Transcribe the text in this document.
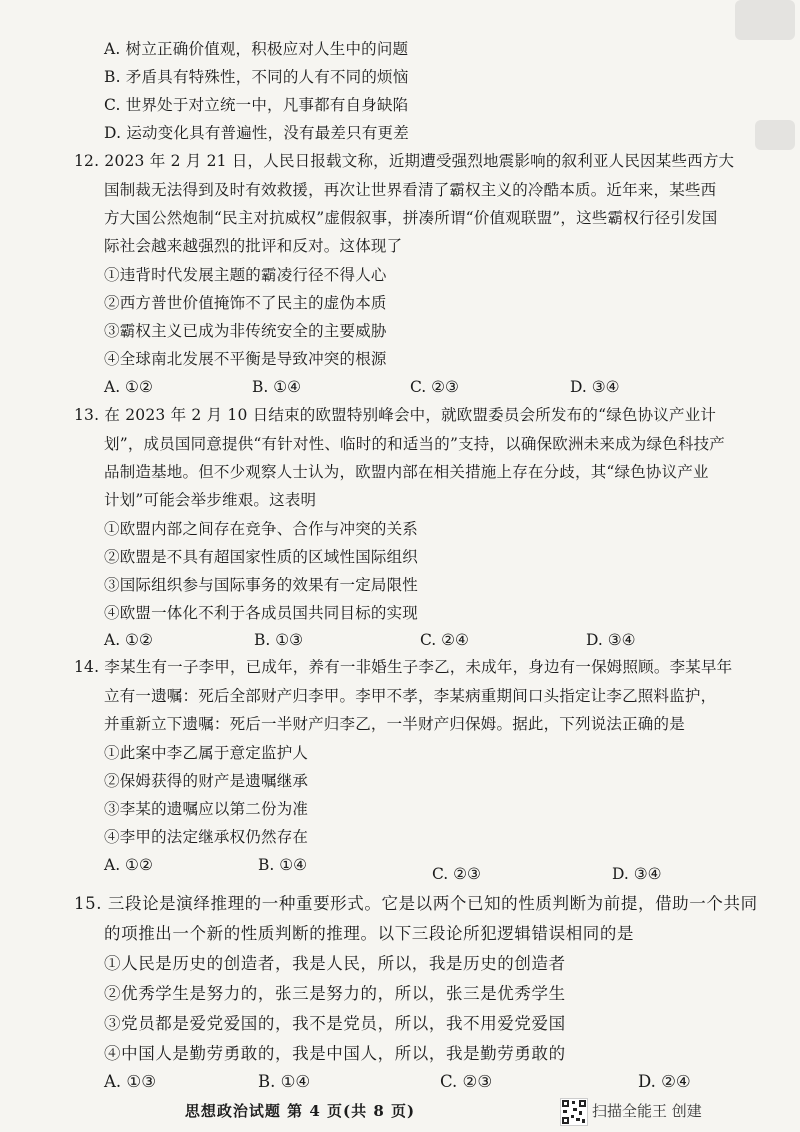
A. 树立正确价值观，积极应对人生中的问题
B. 矛盾具有特殊性，不同的人有不同的烦恼
C. 世界处于对立统一中，凡事都有自身缺陷
D. 运动变化具有普遍性，没有最差只有更差
12. 2023 年 2 月 21 日，人民日报载文称，近期遭受强烈地震影响的叙利亚人民因某些西方大
国制裁无法得到及时有效救援，再次让世界看清了霸权主义的冷酷本质。近年来，某些西
方大国公然炮制“民主对抗威权”虚假叙事，拼凑所谓“价值观联盟”，这些霸权行径引发国
际社会越来越强烈的批评和反对。这体现了
①违背时代发展主题的霸凌行径不得人心
②西方普世价值掩饰不了民主的虚伪本质
③霸权主义已成为非传统安全的主要威胁
④全球南北发展不平衡是导致冲突的根源
A. ①②	B. ①④	C. ②③	D. ③④
13. 在 2023 年 2 月 10 日结束的欧盟特别峰会中，就欧盟委员会所发布的“绿色协议产业计
划”，成员国同意提供“有针对性、临时的和适当的”支持，以确保欧洲未来成为绿色科技产
品制造基地。但不少观察人士认为，欧盟内部在相关措施上存在分歧，其“绿色协议产业
计划”可能会举步维艰。这表明
①欧盟内部之间存在竞争、合作与冲突的关系
②欧盟是不具有超国家性质的区域性国际组织
③国际组织参与国际事务的效果有一定局限性
④欧盟一体化不利于各成员国共同目标的实现
A. ①②	B. ①③	C. ②④	D. ③④
14. 李某生有一子李甲，已成年，养有一非婚生子李乙，未成年，身边有一保姆照顾。李某早年
立有一遗嘱：死后全部财产归李甲。李甲不孝，李某病重期间口头指定让李乙照料监护，
并重新立下遗嘱：死后一半财产归李乙，一半财产归保姆。据此，下列说法正确的是
①此案中李乙属于意定监护人
②保姆获得的财产是遗嘱继承
③李某的遗嘱应以第二份为准
④李甲的法定继承权仍然存在
A. ①②	B. ①④	C. ②③	D. ③④
15. 三段论是演绎推理的一种重要形式。它是以两个已知的性质判断为前提，借助一个共同
的项推出一个新的性质判断的推理。以下三段论所犯逻辑错误相同的是
①人民是历史的创造者，我是人民，所以，我是历史的创造者
②优秀学生是努力的，张三是努力的，所以，张三是优秀学生
③党员都是爱党爱国的，我不是党员，所以，我不用爱党爱国
④中国人是勤劳勇敢的，我是中国人，所以，我是勤劳勇敢的
A. ①③	B. ①④	C. ②③	D. ②④
思想政治试题 第 4 页(共 8 页)	扫描全能王 创建
